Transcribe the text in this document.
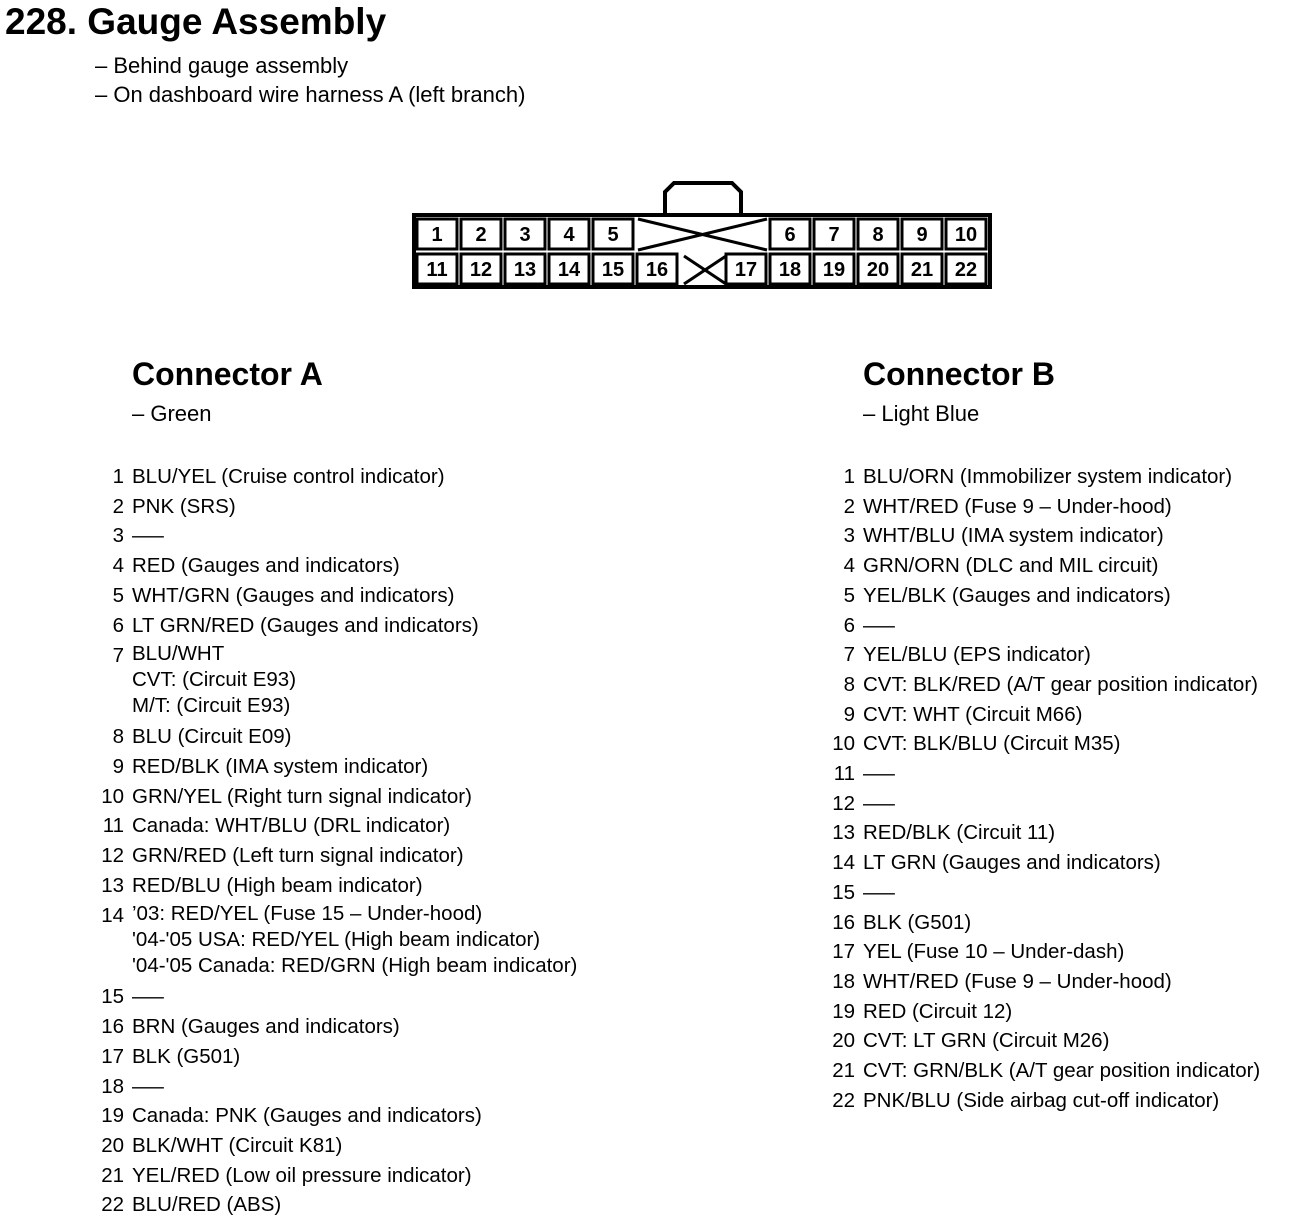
228. Gauge Assembly
– Behind gauge assembly
– On dashboard wire harness A (left branch)
1 2 3 4 5	6 7 8 9 10
11 12 13 14 15 16	17 18 19 20 21 22
Connector A
– Green
1 BLU/YEL (Cruise control indicator)
2 PNK (SRS)
3 —–
4 RED (Gauges and indicators)
5 WHT/GRN (Gauges and indicators)
6 LT GRN/RED (Gauges and indicators)
7 BLU/WHT
CVT: (Circuit E93)
M/T: (Circuit E93)
8 BLU (Circuit E09)
9 RED/BLK (IMA system indicator)
10 GRN/YEL (Right turn signal indicator)
11 Canada: WHT/BLU (DRL indicator)
12 GRN/RED (Left turn signal indicator)
13 RED/BLU (High beam indicator)
14 ’03: RED/YEL (Fuse 15 – Under-hood)
'04-'05 USA: RED/YEL (High beam indicator)
'04-'05 Canada: RED/GRN (High beam indicator)
15 —–
16 BRN (Gauges and indicators)
17 BLK (G501)
18 —–
19 Canada: PNK (Gauges and indicators)
20 BLK/WHT (Circuit K81)
21 YEL/RED (Low oil pressure indicator)
22 BLU/RED (ABS)
Connector B
– Light Blue
1 BLU/ORN (Immobilizer system indicator)
2 WHT/RED (Fuse 9 – Under-hood)
3 WHT/BLU (IMA system indicator)
4 GRN/ORN (DLC and MIL circuit)
5 YEL/BLK (Gauges and indicators)
6 —–
7 YEL/BLU (EPS indicator)
8 CVT: BLK/RED (A/T gear position indicator)
9 CVT: WHT (Circuit M66)
10 CVT: BLK/BLU (Circuit M35)
11 —–
12 —–
13 RED/BLK (Circuit 11)
14 LT GRN (Gauges and indicators)
15 —–
16 BLK (G501)
17 YEL (Fuse 10 – Under-dash)
18 WHT/RED (Fuse 9 – Under-hood)
19 RED (Circuit 12)
20 CVT: LT GRN (Circuit M26)
21 CVT: GRN/BLK (A/T gear position indicator)
22 PNK/BLU (Side airbag cut-off indicator)
